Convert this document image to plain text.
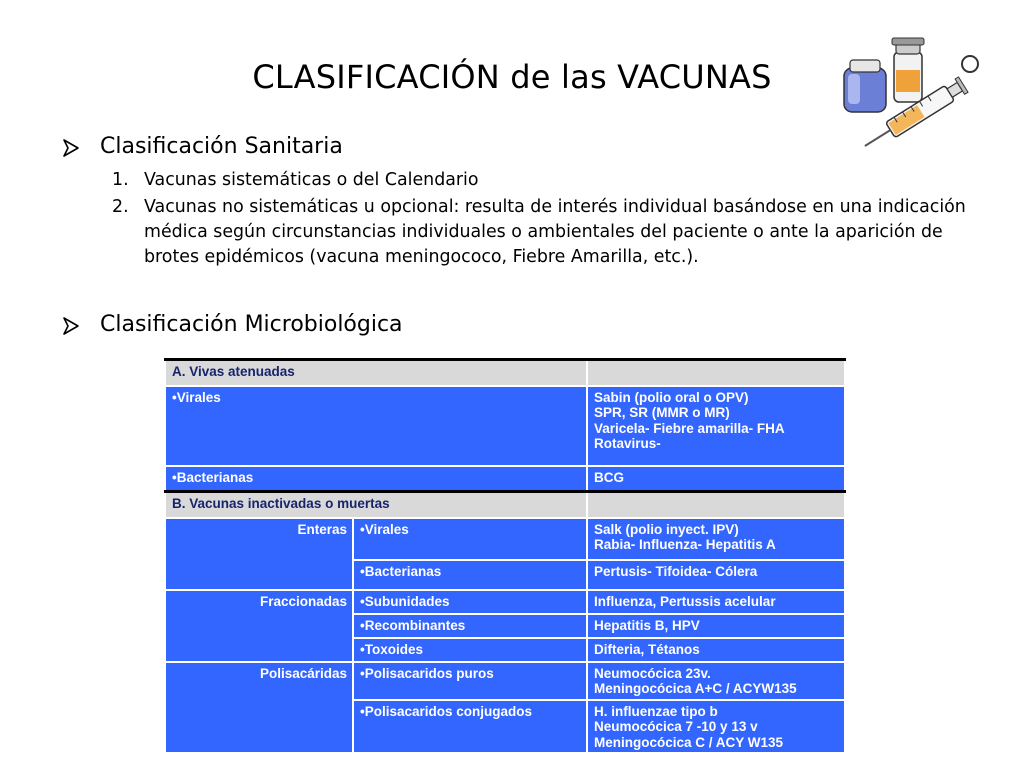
CLASIFICACIÓN de las VACUNAS
Clasificación Sanitaria
1. Vacunas sistemáticas o del Calendario
2. Vacunas no sistemáticas u opcional: resulta de interés individual basándose en una indicación médica según circunstancias individuales o ambientales del paciente o ante la aparición de brotes epidémicos (vacuna meningococo, Fiebre Amarilla, etc.).
Clasificación Microbiológica
A. Vivas atenuadas		
•Virales		Sabin (polio oral o OPV)
SPR, SR (MMR o MR)
Varicela- Fiebre amarilla- FHA
Rotavirus-

•Bacterianas		BCG

B. Vacunas inactivadas o muertas		
Enteras	•Virales	Salk (polio inyect. IPV)
Rabia- Influenza- Hepatitis A

	•Bacterianas	Pertusis- Tifoidea- Cólera

Fraccionadas	•Subunidades	Influenza, Pertussis acelular

	•Recombinantes	Hepatitis B, HPV

	•Toxoides	Difteria, Tétanos

Polisacáridas	•Polisacaridos puros	Neumocócica 23v.
Meningocócica A+C / ACYW135

	•Polisacaridos conjugados	H. influenzae tipo b
Neumocócica 7 -10 y 13 v
Meningocócica C / ACY W135
